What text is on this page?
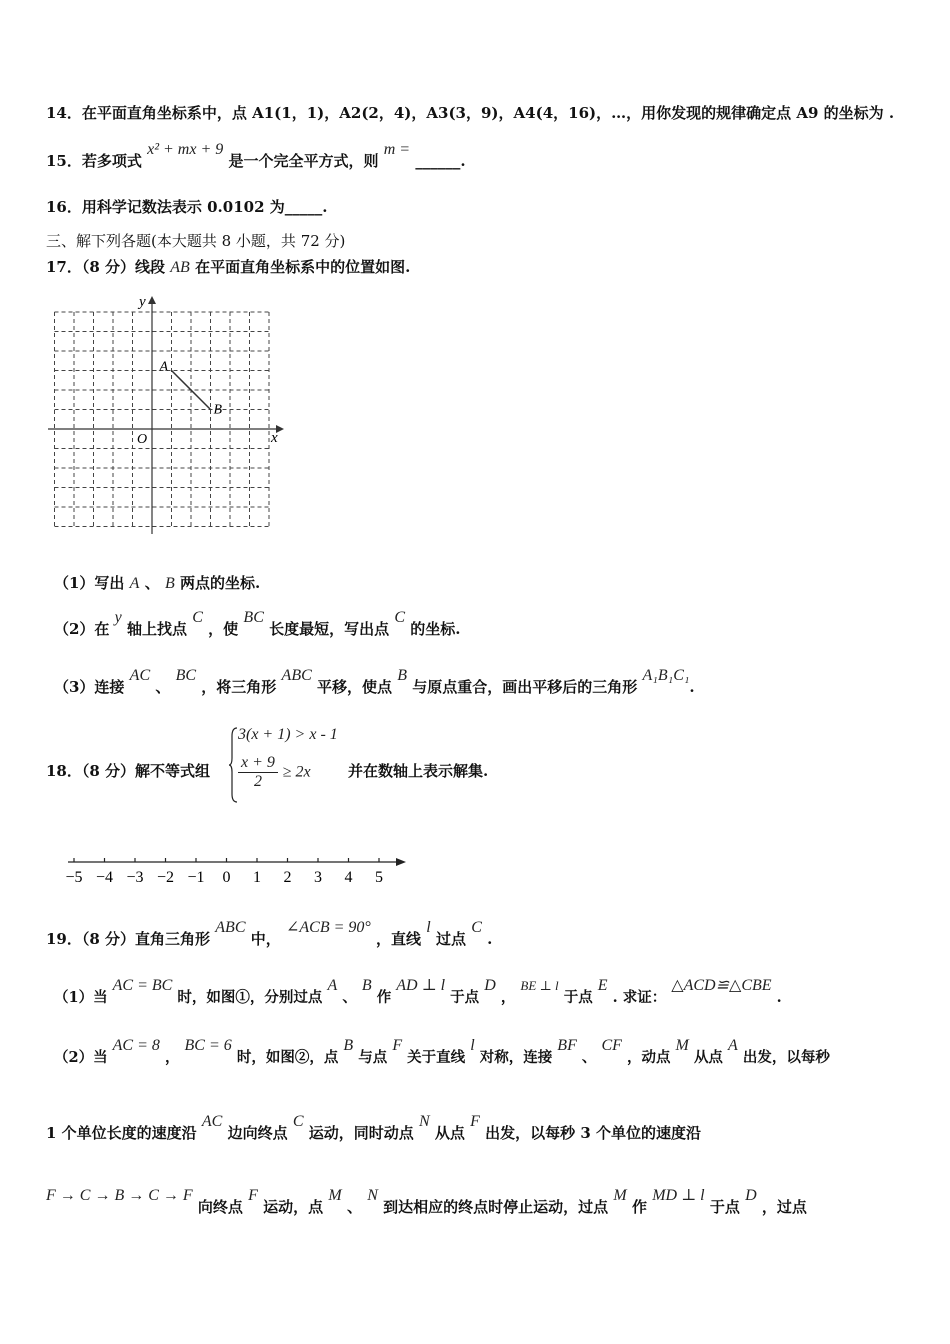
14．在平面直角坐标系中，点 A1(1，1)，A2(2，4)，A3(3，9)，A4(4，16)，…，用你发现的规律确定点 A9 的坐标为 .
15．若多项式 x² + mx + 9 是一个完全平方式，则 m = ______.
16．用科学记数法表示 0.0102 为_____.
三、解下列各题(本大题共 8 小题，共 72 分)
17．（8 分）线段 AB 在平面直角坐标系中的位置如图.
x
y
O
A
B
（1）写出 A 、 B 两点的坐标.
（2）在 y 轴上找点 C ，使 BC 长度最短，写出点 C 的坐标.
（3）连接 AC 、 BC ，将三角形 ABC 平移，使点 B 与原点重合，画出平移后的三角形 A₁B₁C₁.
18．（8 分）解不等式组
3(x + 1) > x - 1
$\frac{x + 9}{2} \ge 2x$ 并在数轴上表示解集.
−5 −4 −3 −2 −1 0 1 2 3 4 5
19．（8 分）直角三角形 ABC 中， ∠ACB = 90° ，直线 l 过点 C .
（1）当 AC = BC 时，如图①，分别过点 A 、 B 作 AD ⊥ l 于点 D ， BE ⊥ l 于点 E . 求证： △ACD≌△CBE .
（2）当 AC = 8 ， BC = 6 时，如图②，点 B 与点 F 关于直线 l 对称，连接 BF 、 CF ，动点 M 从点 A 出发，以每秒
1 个单位长度的速度沿 AC 边向终点 C 运动，同时动点 N 从点 F 出发，以每秒 3 个单位的速度沿
F → C → B → C → F 向终点 F 运动，点 M 、 N 到达相应的终点时停止运动，过点 M 作 MD ⊥ l 于点 D ，过点
